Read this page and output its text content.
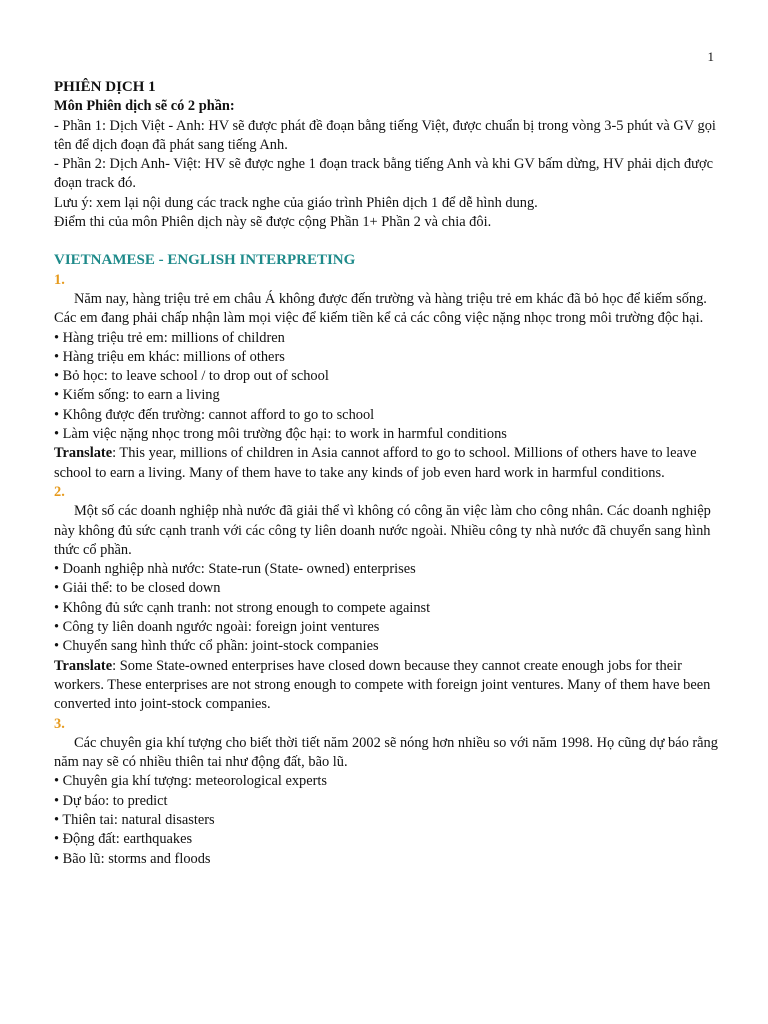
1

PHIÊN DỊCH 1

Môn Phiên dịch sẽ có 2 phần:

- Phần 1: Dịch Việt - Anh: HV sẽ được phát đề đoạn bằng tiếng Việt, được chuẩn bị trong vòng 3-5 phút và GV gọi tên để dịch đoạn đã phát sang tiếng Anh.

- Phần 2: Dịch Anh- Việt: HV sẽ được nghe 1 đoạn track bằng tiếng Anh và khi GV bấm dừng, HV phải dịch được đoạn track đó.

Lưu ý: xem lại nội dung các track nghe của giáo trình Phiên dịch 1 để dễ hình dung.

Điểm thi của môn Phiên dịch này sẽ được cộng Phần 1+ Phần 2 và chia đôi.

VIETNAMESE - ENGLISH INTERPRETING

1.

Năm nay, hàng triệu trẻ em châu Á không được đến trường và hàng triệu trẻ em khác đã bỏ học để kiếm sống. Các em đang phải chấp nhận làm mọi việc để kiếm tiền kể cả các công việc nặng nhọc trong môi trường độc hại.

• Hàng triệu trẻ em: millions of children

• Hàng triệu em khác: millions of others

• Bỏ học: to leave school / to drop out of school

• Kiếm sống: to earn a living

• Không được đến trường: cannot afford to go to school

• Làm việc nặng nhọc trong môi trường độc hại: to work in harmful conditions

Translate: This year, millions of children in Asia cannot afford to go to school. Millions of others have to leave school to earn a living. Many of them have to take any kinds of job even hard work in harmful conditions.

2.

Một số các doanh nghiệp nhà nước đã giải thể vì không có công ăn việc làm cho công nhân. Các doanh nghiệp này không đủ sức cạnh tranh với các công ty liên doanh nước ngoài. Nhiều công ty nhà nước đã chuyển sang hình thức cổ phần.

• Doanh nghiệp nhà nước: State-run (State- owned) enterprises

• Giải thể: to be closed down

• Không đủ sức cạnh tranh: not strong enough to compete against

• Công ty liên doanh ngước ngoài: foreign joint ventures

• Chuyển sang hình thức cổ phần: joint-stock companies

Translate: Some State-owned enterprises have closed down because they cannot create enough jobs for their workers. These enterprises are not strong enough to compete with foreign joint ventures. Many of them have been converted into joint-stock companies.

3.

Các chuyên gia khí tượng cho biết thời tiết năm 2002 sẽ nóng hơn nhiều so với năm 1998. Họ cũng dự báo rằng năm nay sẽ có nhiều thiên tai như động đất, bão lũ.

• Chuyên gia khí tượng: meteorological experts

• Dự báo: to predict

• Thiên tai: natural disasters

• Động đất: earthquakes

• Bão lũ: storms and floods
